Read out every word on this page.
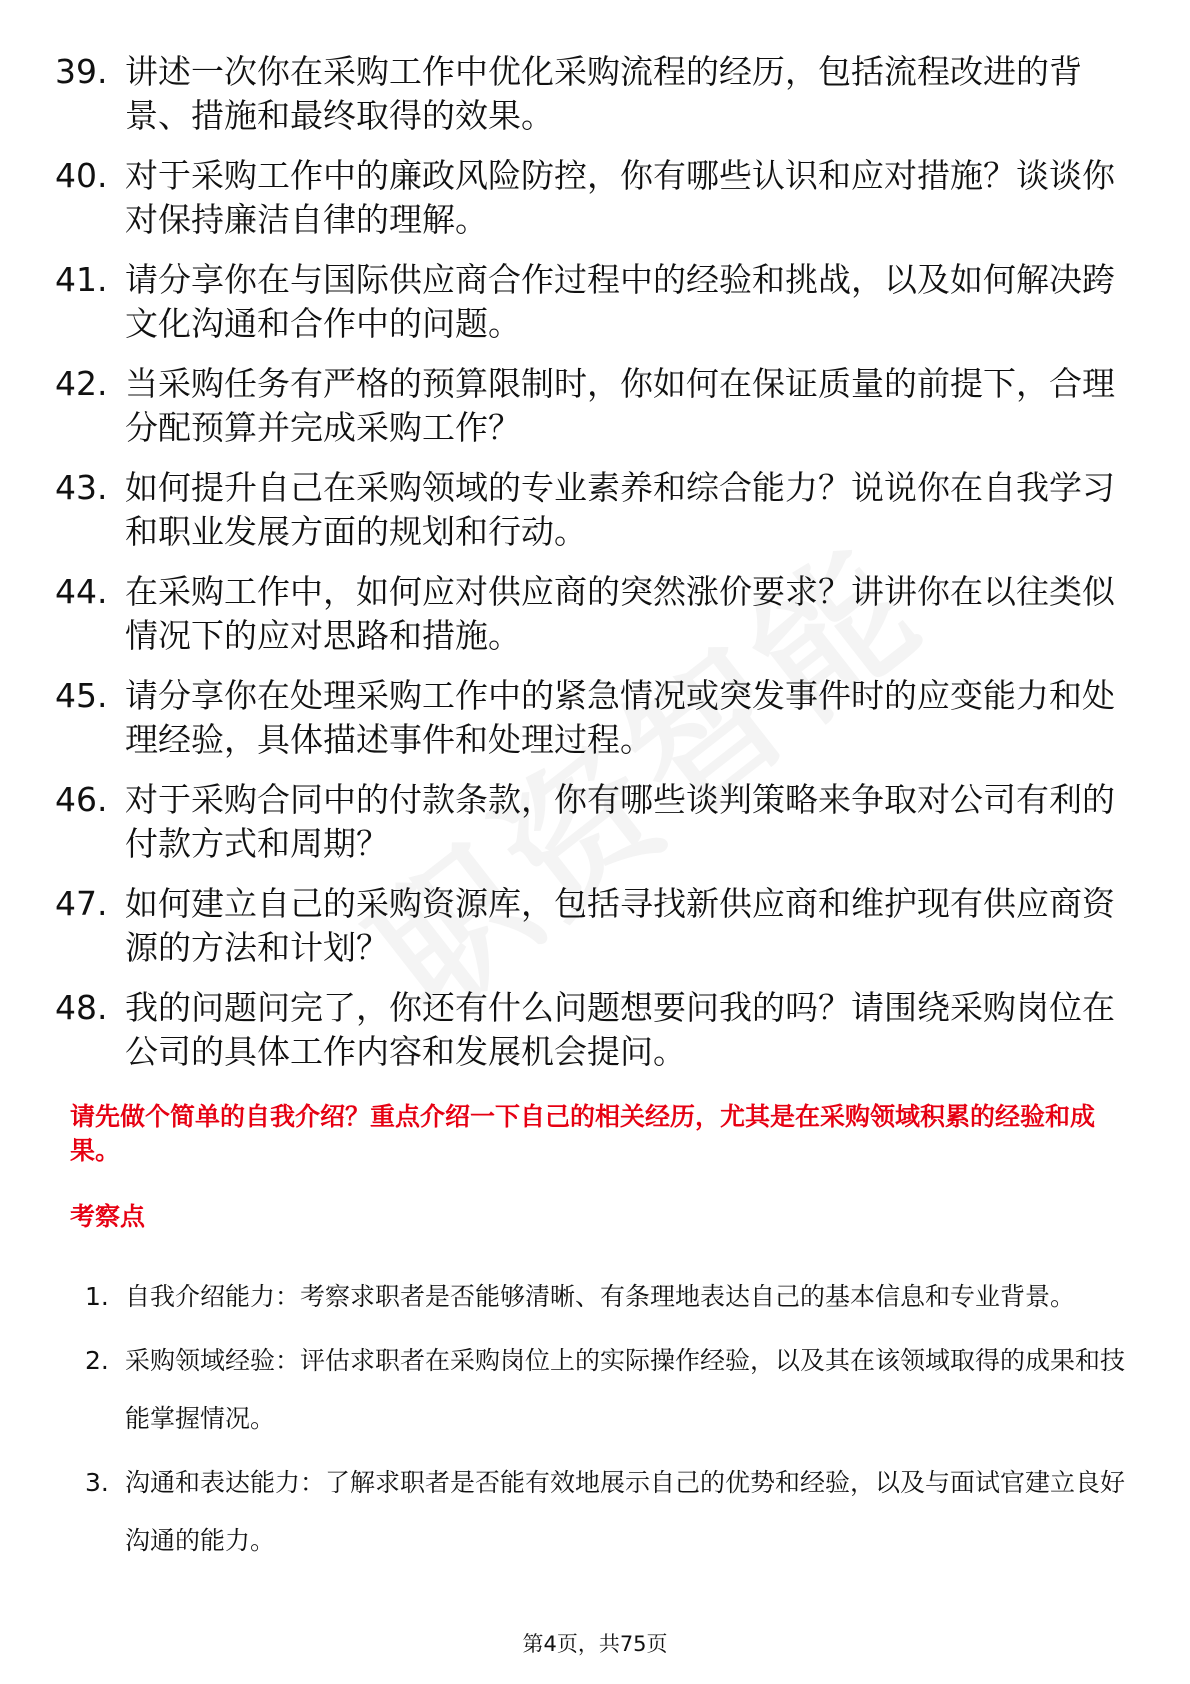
39. 讲述一次你在采购工作中优化采购流程的经历，包括流程改进的背景、措施和最终取得的效果。
40. 对于采购工作中的廉政风险防控，你有哪些认识和应对措施？谈谈你对保持廉洁自律的理解。
41. 请分享你在与国际供应商合作过程中的经验和挑战，以及如何解决跨文化沟通和合作中的问题。
42. 当采购任务有严格的预算限制时，你如何在保证质量的前提下，合理分配预算并完成采购工作？
43. 如何提升自己在采购领域的专业素养和综合能力？说说你在自我学习和职业发展方面的规划和行动。
44. 在采购工作中，如何应对供应商的突然涨价要求？讲讲你在以往类似情况下的应对思路和措施。
45. 请分享你在处理采购工作中的紧急情况或突发事件时的应变能力和处理经验，具体描述事件和处理过程。
46. 对于采购合同中的付款条款，你有哪些谈判策略来争取对公司有利的付款方式和周期？
47. 如何建立自己的采购资源库，包括寻找新供应商和维护现有供应商资源的方法和计划？
48. 我的问题问完了，你还有什么问题想要问我的吗？请围绕采购岗位在公司的具体工作内容和发展机会提问。
请先做个简单的自我介绍？重点介绍一下自己的相关经历，尤其是在采购领域积累的经验和成果。
考察点
1. 自我介绍能力：考察求职者是否能够清晰、有条理地表达自己的基本信息和专业背景。
2. 采购领域经验：评估求职者在采购岗位上的实际操作经验，以及其在该领域取得的成果和技能掌握情况。
3. 沟通和表达能力：了解求职者是否能有效地展示自己的优势和经验，以及与面试官建立良好沟通的能力。
第4页，共75页
